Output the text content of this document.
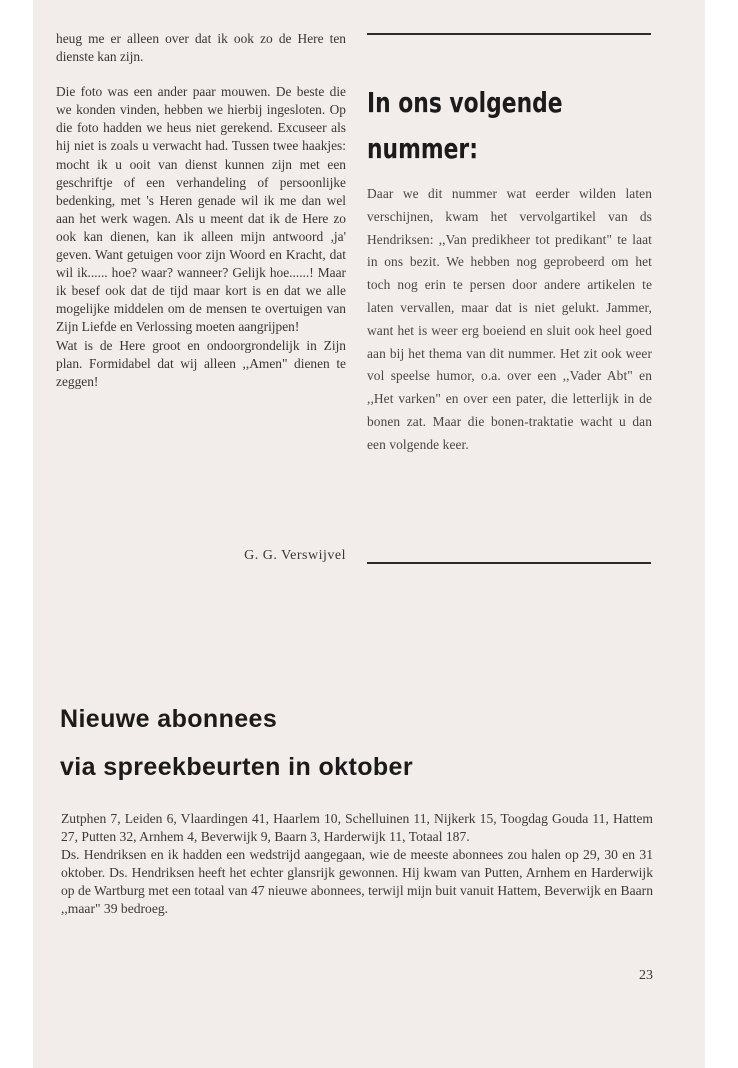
heug me er alleen over dat ik ook zo de Here ten dienste kan zijn.

Die foto was een ander paar mouwen. De beste die we konden vinden, hebben we hierbij ingesloten. Op die foto hadden we heus niet gerekend. Excuseer als hij niet is zoals u verwacht had. Tussen twee haakjes: mocht ik u ooit van dienst kunnen zijn met een geschriftje of een verhandeling of persoonlijke bedenking, met 's Heren genade wil ik me dan wel aan het werk wagen. Als u meent dat ik de Here zo ook kan dienen, kan ik alleen mijn antwoord ,ja' geven. Want getuigen voor zijn Woord en Kracht, dat wil ik...... hoe? waar? wanneer? Gelijk hoe......! Maar ik besef ook dat de tijd maar kort is en dat we alle mogelijke middelen om de mensen te overtuigen van Zijn Liefde en Verlossing moeten aangrijpen!

Wat is de Here groot en ondoorgrondelijk in Zijn plan. Formidabel dat wij alleen ,,Amen" dienen te zeggen!

G. G. Verswijvel
In ons volgende
nummer:

Daar we dit nummer wat eerder wilden laten verschijnen, kwam het vervolgartikel van ds Hendriksen: ,,Van predikheer tot predikant" te laat in ons bezit. We hebben nog geprobeerd om het toch nog erin te persen door andere artikelen te laten vervallen, maar dat is niet gelukt. Jammer, want het is weer erg boeiend en sluit ook heel goed aan bij het thema van dit nummer. Het zit ook weer vol speelse humor, o.a. over een ,,Vader Abt" en ,,Het varken" en over een pater, die letterlijk in de bonen zat. Maar die bonen-traktatie wacht u dan een volgende keer.

Nieuwe abonnees
via spreekbeurten in oktober

Zutphen 7, Leiden 6, Vlaardingen 41, Haarlem 10, Schelluinen 11, Nijkerk 15, Toogdag Gouda 11, Hattem 27, Putten 32, Arnhem 4, Beverwijk 9, Baarn 3, Harderwijk 11, Totaal 187.

Ds. Hendriksen en ik hadden een wedstrijd aangegaan, wie de meeste abonnees zou halen op 29, 30 en 31 oktober. Ds. Hendriksen heeft het echter glansrijk gewonnen. Hij kwam van Putten, Arnhem en Harderwijk op de Wartburg met een totaal van 47 nieuwe abonnees, terwijl mijn buit vanuit Hattem, Beverwijk en Baarn ,,maar" 39 bedroeg.

23
